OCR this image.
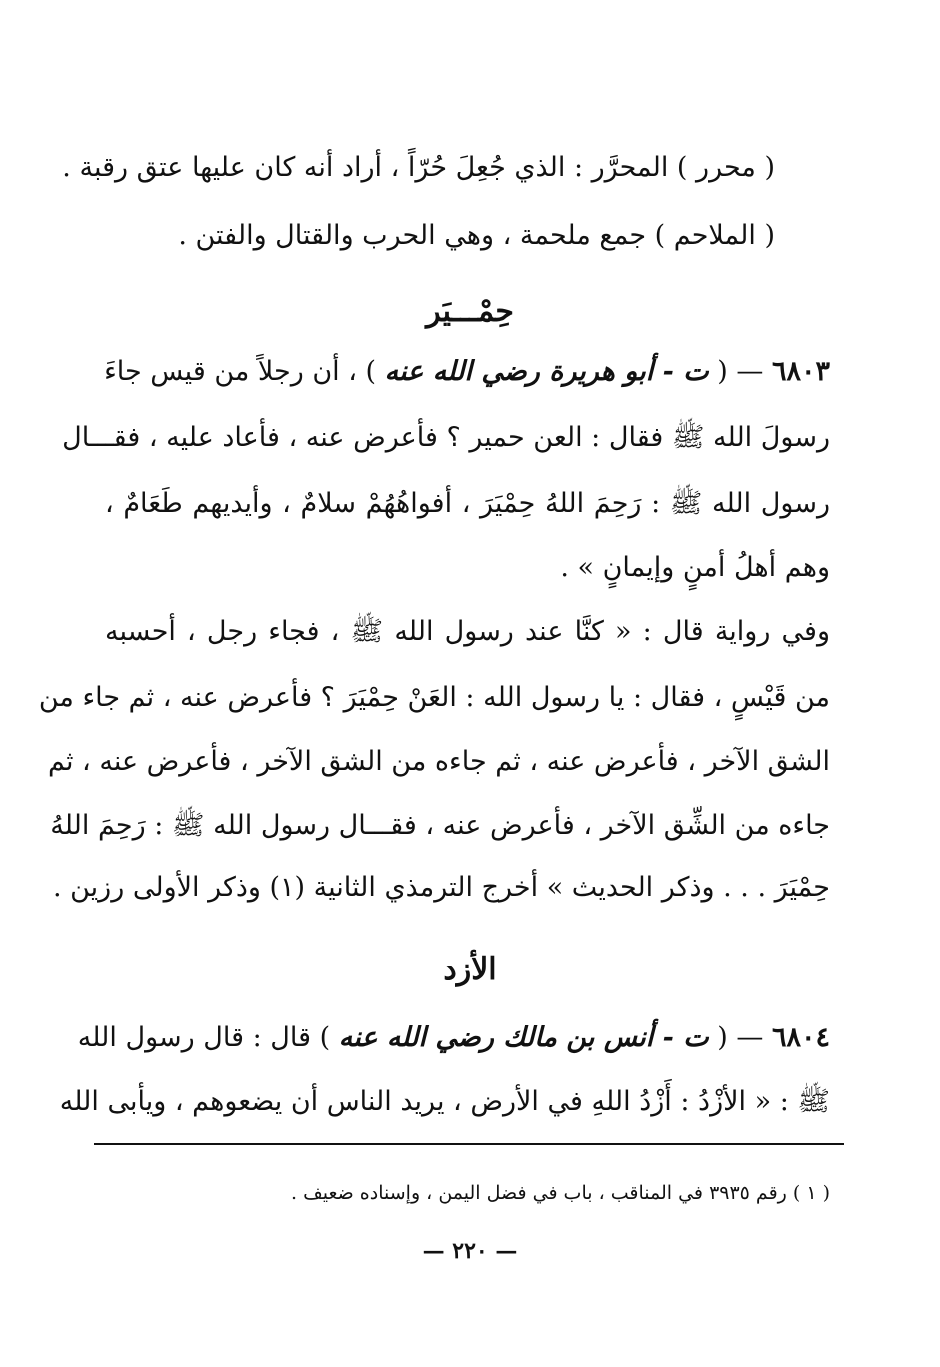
( محرر ) المحرَّر : الذي جُعِلَ حُرّاً ، أراد أنه كان عليها عتق رقبة .
( الملاحم ) جمع ملحمة ، وهي الحرب والقتال والفتن .
حِمْـــيَر
٦٨٠٣ — ( ت - أبو هريرة رضي الله عنه ) ، أن رجلاً من قيس جاءَ
رسولَ الله ﷺ فقال : العن حمير ؟ فأعرض عنه ، فأعاد عليه ، فقـــال
رسول الله ﷺ : رَحِمَ اللهُ حِمْيَرَ ، أفواهُهُمْ سلامٌ ، وأيديهم طَعَامٌ ،
وهم أهلُ أمنٍ وإيمانٍ » .
وفي رواية قال : « كنَّا عند رسول الله ﷺ ، فجاء رجل ، أحسبه
من قَيْسٍ ، فقال : يا رسول الله : العَنْ حِمْيَرَ ؟ فأعرض عنه ، ثم جاء من
الشق الآخر ، فأعرض عنه ، ثم جاءه من الشق الآخر ، فأعرض عنه ، ثم
جاءه من الشِّق الآخر ، فأعرض عنه ، فقـــال رسول الله ﷺ : رَحِمَ اللهُ
حِمْيَرَ . . . وذكر الحديث » أخرج الترمذي الثانية (١) وذكر الأولى رزين .
الأزد
٦٨٠٤ — ( ت - أنس بن مالك رضي الله عنه ) قال : قال رسول الله
ﷺ : « الأزْدُ : أَزْدُ اللهِ في الأرض ، يريد الناس أن يضعوهم ، ويأبى الله
( ١ ) رقم ٣٩٣٥ في المناقب ، باب في فضل اليمن ، وإسناده ضعيف .
— ٢٢٠ —
